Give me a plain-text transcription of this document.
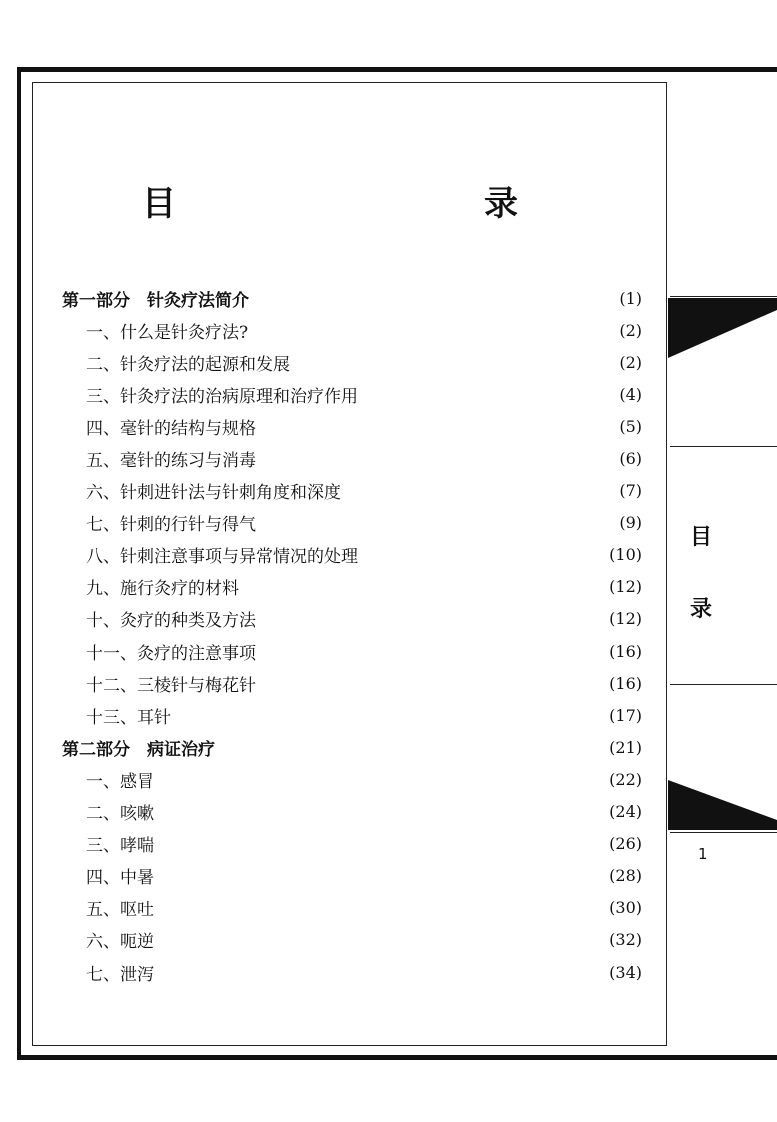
目　　录
第一部分　针灸疗法简介	(1)
一、什么是针灸疗法?	(2)
二、针灸疗法的起源和发展	(2)
三、针灸疗法的治病原理和治疗作用	(4)
四、毫针的结构与规格	(5)
五、毫针的练习与消毒	(6)
六、针刺进针法与针刺角度和深度	(7)
七、针刺的行针与得气	(9)
八、针刺注意事项与异常情况的处理	(10)
九、施行灸疗的材料	(12)
十、灸疗的种类及方法	(12)
十一、灸疗的注意事项	(16)
十二、三棱针与梅花针	(16)
十三、耳针	(17)
第二部分　病证治疗	(21)
一、感冒	(22)
二、咳嗽	(24)
三、哮喘	(26)
四、中暑	(28)
五、呕吐	(30)
六、呃逆	(32)
七、泄泻	(34)
目
录
1
